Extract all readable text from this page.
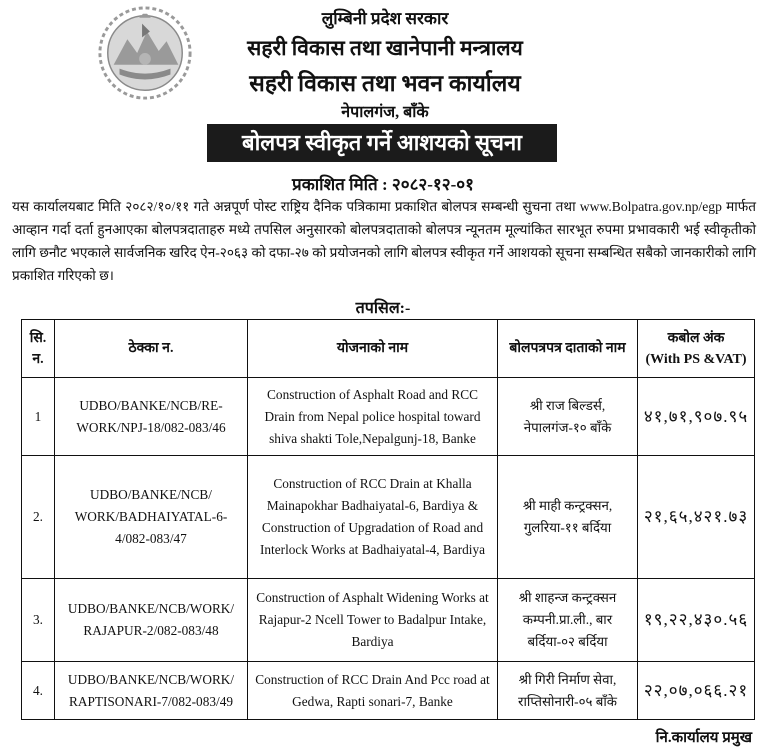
लुम्बिनी प्रदेश सरकार
सहरी विकास तथा खानेपानी मन्त्रालय
सहरी विकास तथा भवन कार्यालय
नेपालगंज, बाँके
बोलपत्र स्वीकृत गर्ने आशयको सूचना
प्रकाशित मिति : २०८२-१२-०१
यस कार्यालयबाट मिति २०८२/१०/११ गते अन्नपूर्ण पोस्ट राष्ट्रिय दैनिक पत्रिकामा प्रकाशित बोलपत्र सम्बन्धी सुचना तथा www.Bolpatra.gov.np/egp मार्फत आव्हान गर्दा दर्ता हुनआएका बोलपत्रदाताहरु मध्ये तपसिल अनुसारको बोलपत्रदाताको बोलपत्र न्यूनतम मूल्यांकित सारभूत रुपमा प्रभावकारी भई स्वीकृतीको लागि छनौट भएकाले सार्वजनिक खरिद ऐन-२०६३ को दफा-२७ को प्रयोजनको लागि बोलपत्र स्वीकृत गर्ने आशयको सूचना सम्बन्धित सबैको जानकारीको लागि प्रकाशित गरिएको छ।
तपसिल:-
सि. न.	ठेक्का न.	योजनाको नाम	बोलपत्रपत्र दाताको नाम	कबोल अंक
(With PS &VAT)

1	UDBO/BANKE/NCB/RE-WORK/NPJ-18/082-083/46	Construction of Asphalt Road and RCC Drain from Nepal police hospital toward shiva shakti Tole,Nepalgunj-18, Banke	श्री राज बिल्डर्स, नेपालगंज-१० बाँके	४१,७१,९०७.९५
2.	UDBO/BANKE/NCB/ WORK/BADHAIYATAL-6-4/082-083/47	Construction of RCC Drain at Khalla Mainapokhar Badhaiyatal-6, Bardiya & Construction of Upgradation of Road and Interlock Works at Badhaiyatal-4, Bardiya	श्री माही कन्ट्रक्सन, गुलरिया-११ बर्दिया	२१,६५,४२१.७३
3.	UDBO/BANKE/NCB/WORK/ RAJAPUR-2/082-083/48	Construction of Asphalt Widening Works at Rajapur-2 Ncell Tower to Badalpur Intake, Bardiya	श्री शाहन्ज कन्ट्रक्सन कम्पनी.प्रा.ली., बार बर्दिया-०२ बर्दिया	१९,२२,४३०.५६
4.	UDBO/BANKE/NCB/WORK/ RAPTISONARI-7/082-083/49	Construction of RCC Drain And Pcc road at Gedwa, Rapti sonari-7, Banke	श्री गिरी निर्माण सेवा, राप्तिसोनारी-०५ बाँके	२२,०७,०६६.२१
नि.कार्यालय प्रमुख
